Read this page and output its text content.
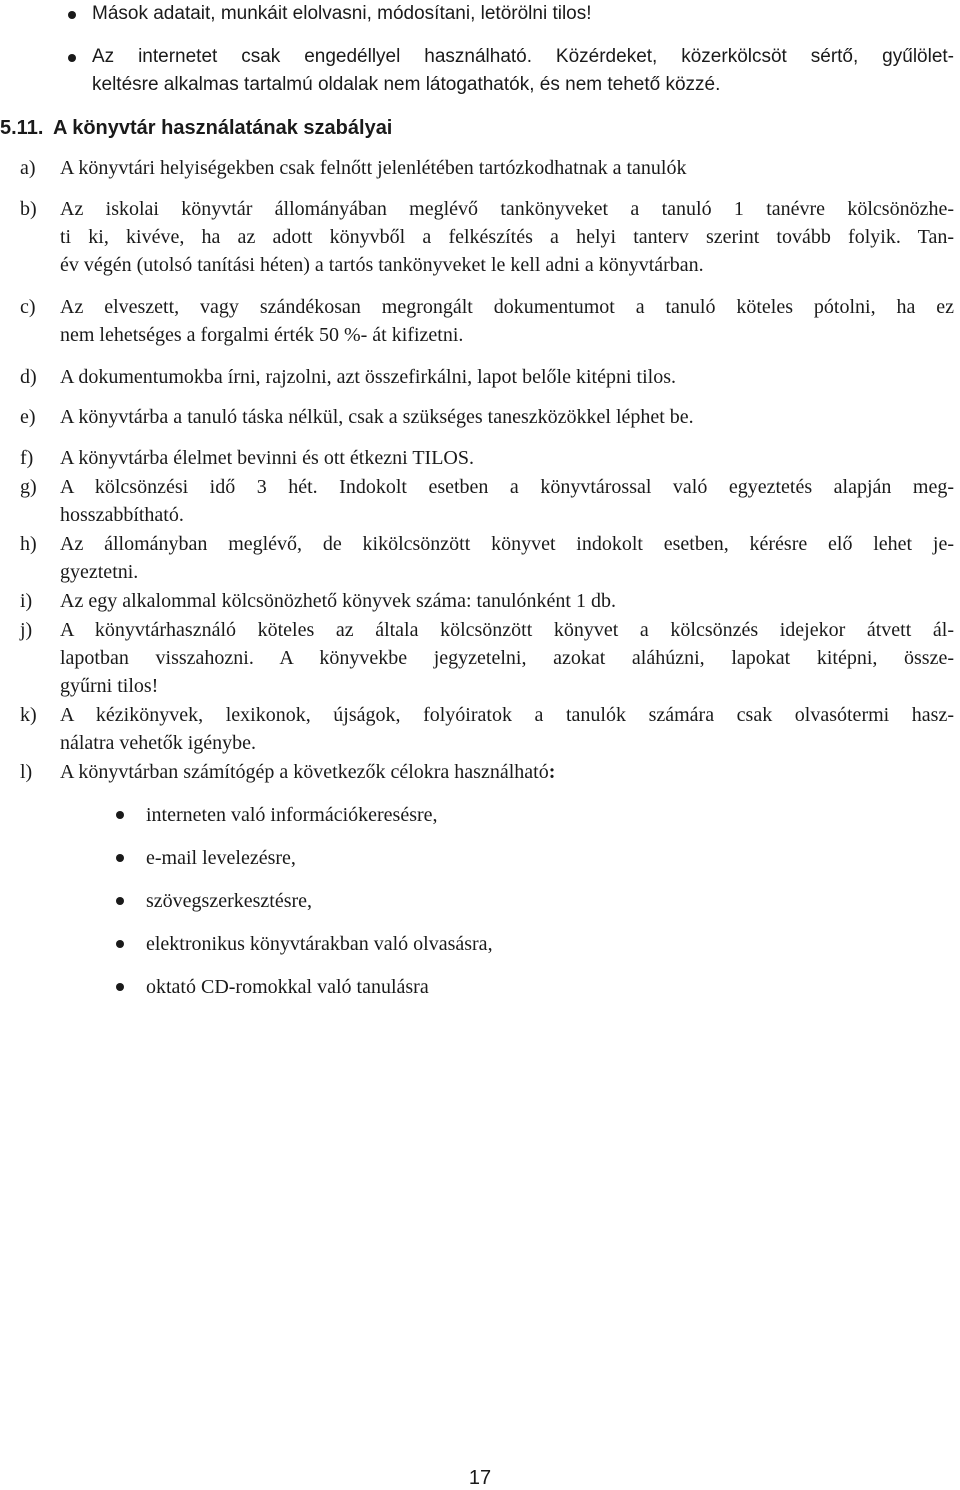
Mások adatait, munkáit elolvasni, módosítani, letörölni tilos!
Az internetet csak engedéllyel használható. Közérdeket, közerkölcsöt sértő, gyűlölet-
keltésre alkalmas tartalmú oldalak nem látogathatók, és nem tehető közzé.
5.11. A könyvtár használatának szabályai
a) A könyvtári helyiségekben csak felnőtt jelenlétében tartózkodhatnak a tanulók
b) Az iskolai könyvtár állományában meglévő tankönyveket a tanuló 1 tanévre kölcsönözhe-
ti ki, kivéve, ha az adott könyvből a felkészítés a helyi tanterv szerint tovább folyik. Tan-
év végén (utolsó tanítási héten) a tartós tankönyveket le kell adni a könyvtárban.
c) Az elveszett, vagy szándékosan megrongált dokumentumot a tanuló köteles pótolni, ha ez
nem lehetséges a forgalmi érték 50 %- át kifizetni.
d) A dokumentumokba írni, rajzolni, azt összefirkálni, lapot belőle kitépni tilos.
e) A könyvtárba a tanuló táska nélkül, csak a szükséges taneszközökkel léphet be.
f) A könyvtárba élelmet bevinni és ott étkezni TILOS.
g) A kölcsönzési idő 3 hét. Indokolt esetben a könyvtárossal való egyeztetés alapján meg-
hosszabbítható.
h) Az állományban meglévő, de kikölcsönzött könyvet indokolt esetben, kérésre elő lehet je-
gyeztetni.
i) Az egy alkalommal kölcsönözhető könyvek száma: tanulónként 1 db.
j) A könyvtárhasználó köteles az általa kölcsönzött könyvet a kölcsönzés idejekor átvett ál-
lapotban visszahozni. A könyvekbe jegyzetelni, azokat aláhúzni, lapokat kitépni, össze-
gyűrni tilos!
k) A kézikönyvek, lexikonok, újságok, folyóiratok a tanulók számára csak olvasótermi hasz-
nálatra vehetők igénybe.
l) A könyvtárban számítógép a következők célokra használható:
interneten való információkeresésre,
e-mail levelezésre,
szövegszerkesztésre,
elektronikus könyvtárakban való olvasásra,
oktató CD-romokkal való tanulásra
17
